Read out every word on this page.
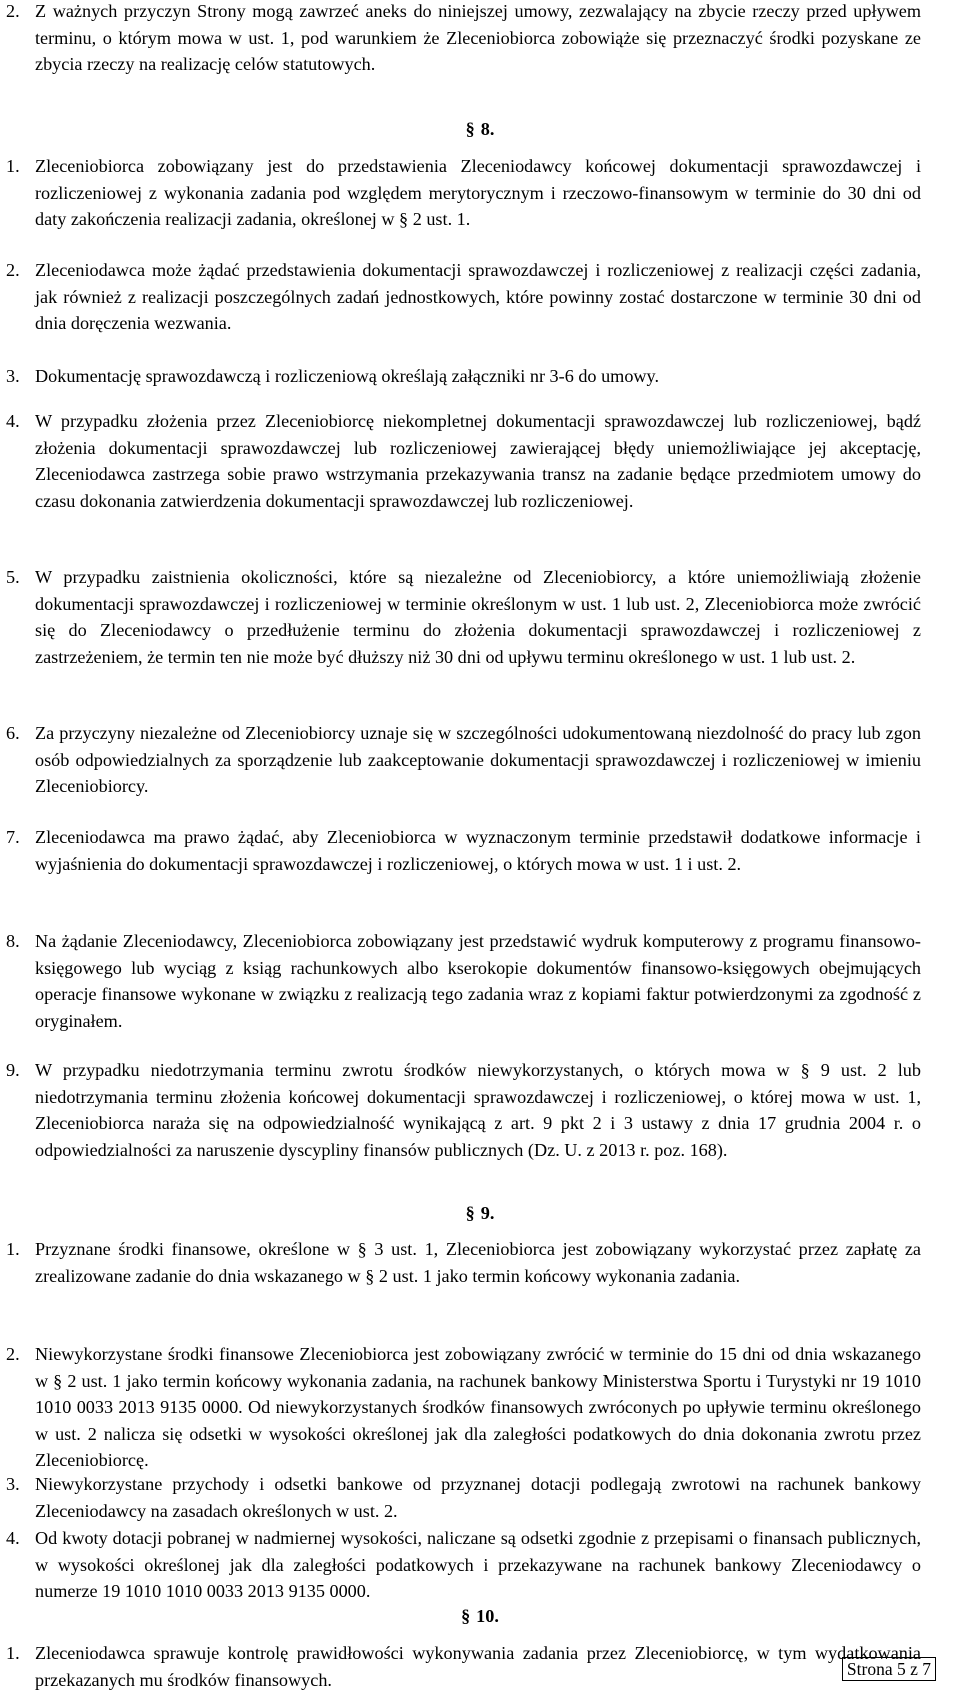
2. Z ważnych przyczyn Strony mogą zawrzeć aneks do niniejszej umowy, zezwalający na zbycie rzeczy przed upływem terminu, o którym mowa w ust. 1, pod warunkiem że Zleceniobiorca zobowiąże się przeznaczyć środki pozyskane ze zbycia rzeczy na realizację celów statutowych.
§ 8.
1. Zleceniobiorca zobowiązany jest do przedstawienia Zleceniodawcy końcowej dokumentacji sprawozdawczej i rozliczeniowej z wykonania zadania pod względem merytorycznym i rzeczowo-finansowym w terminie do 30 dni od daty zakończenia realizacji zadania, określonej w § 2 ust. 1.
2. Zleceniodawca może żądać przedstawienia dokumentacji sprawozdawczej i rozliczeniowej z realizacji części zadania, jak również z realizacji poszczególnych zadań jednostkowych, które powinny zostać dostarczone w terminie 30 dni od dnia doręczenia wezwania.
3. Dokumentację sprawozdawczą i rozliczeniową określają załączniki nr 3-6 do umowy.
4. W przypadku złożenia przez Zleceniobiorcę niekompletnej dokumentacji sprawozdawczej lub rozliczeniowej, bądź złożenia dokumentacji sprawozdawczej lub rozliczeniowej zawierającej błędy uniemożliwiające jej akceptację, Zleceniodawca zastrzega sobie prawo wstrzymania przekazywania transz na zadanie będące przedmiotem umowy do czasu dokonania zatwierdzenia dokumentacji sprawozdawczej lub rozliczeniowej.
5. W przypadku zaistnienia okoliczności, które są niezależne od Zleceniobiorcy, a które uniemożliwiają złożenie dokumentacji sprawozdawczej i rozliczeniowej w terminie określonym w ust. 1 lub ust. 2, Zleceniobiorca może zwrócić się do Zleceniodawcy o przedłużenie terminu do złożenia dokumentacji sprawozdawczej i rozliczeniowej z zastrzeżeniem, że termin ten nie może być dłuższy niż 30 dni od upływu terminu określonego w ust. 1 lub ust. 2.
6. Za przyczyny niezależne od Zleceniobiorcy uznaje się w szczególności udokumentowaną niezdolność do pracy lub zgon osób odpowiedzialnych za sporządzenie lub zaakceptowanie dokumentacji sprawozdawczej i rozliczeniowej w imieniu Zleceniobiorcy.
7. Zleceniodawca ma prawo żądać, aby Zleceniobiorca w wyznaczonym terminie przedstawił dodatkowe informacje i wyjaśnienia do dokumentacji sprawozdawczej i rozliczeniowej, o których mowa w ust. 1 i ust. 2.
8. Na żądanie Zleceniodawcy, Zleceniobiorca zobowiązany jest przedstawić wydruk komputerowy z programu finansowo-księgowego lub wyciąg z ksiąg rachunkowych albo kserokopie dokumentów finansowo-księgowych obejmujących operacje finansowe wykonane w związku z realizacją tego zadania wraz z kopiami faktur potwierdzonymi za zgodność z oryginałem.
9. W przypadku niedotrzymania terminu zwrotu środków niewykorzystanych, o których mowa w § 9 ust. 2 lub niedotrzymania terminu złożenia końcowej dokumentacji sprawozdawczej i rozliczeniowej, o której mowa w ust. 1, Zleceniobiorca naraża się na odpowiedzialność wynikającą z art. 9 pkt 2 i 3 ustawy z dnia 17 grudnia 2004 r. o odpowiedzialności za naruszenie dyscypliny finansów publicznych (Dz. U. z 2013 r. poz. 168).
§ 9.
1. Przyznane środki finansowe, określone w § 3 ust. 1, Zleceniobiorca jest zobowiązany wykorzystać przez zapłatę za zrealizowane zadanie do dnia wskazanego w § 2 ust. 1 jako termin końcowy wykonania zadania.
2. Niewykorzystane środki finansowe Zleceniobiorca jest zobowiązany zwrócić w terminie do 15 dni od dnia wskazanego w § 2 ust. 1 jako termin końcowy wykonania zadania, na rachunek bankowy Ministerstwa Sportu i Turystyki nr 19 1010 1010 0033 2013 9135 0000. Od niewykorzystanych środków finansowych zwróconych po upływie terminu określonego w ust. 2 nalicza się odsetki w wysokości określonej jak dla zaległości podatkowych do dnia dokonania zwrotu przez Zleceniobiorcę.
3. Niewykorzystane przychody i odsetki bankowe od przyznanej dotacji podlegają zwrotowi na rachunek bankowy Zleceniodawcy na zasadach określonych w ust. 2.
4. Od kwoty dotacji pobranej w nadmiernej wysokości, naliczane są odsetki zgodnie z przepisami o finansach publicznych, w wysokości określonej jak dla zaległości podatkowych i przekazywane na rachunek bankowy Zleceniodawcy o numerze 19 1010 1010 0033 2013 9135 0000.
§ 10.
1. Zleceniodawca sprawuje kontrolę prawidłowości wykonywania zadania przez Zleceniobiorcę, w tym wydatkowania przekazanych mu środków finansowych.
Strona 5 z 7
